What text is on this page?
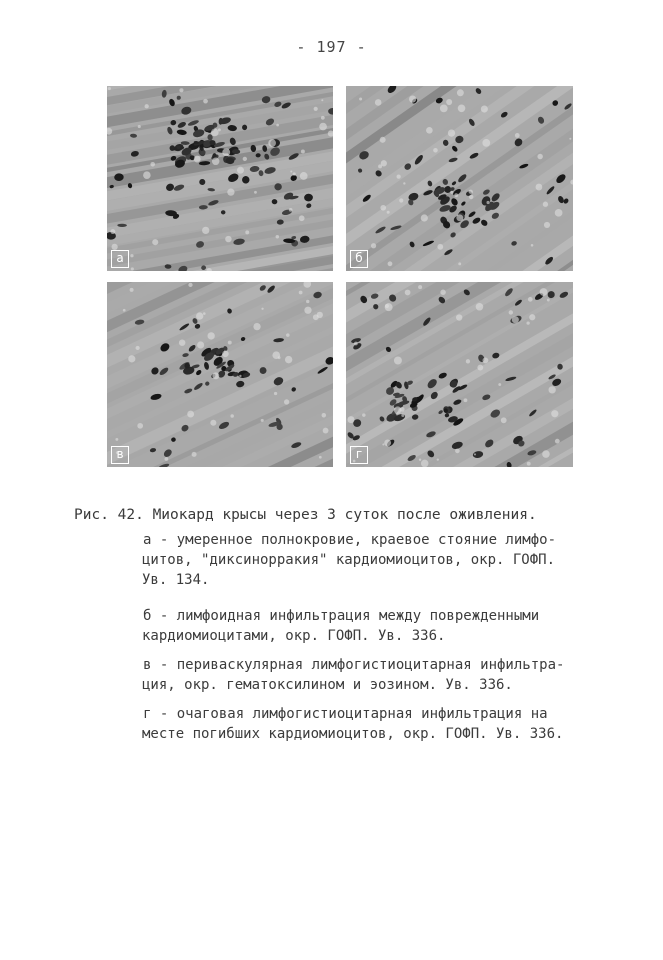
- 197 -
а	б
в	г
Рис. 42. Миокард крысы через 3 суток после оживления.
а - умеренное полнокровие, краевое стояние лимфо-
цитов, "диксинорракия" кардиомиоцитов, окр. ГОФП.
Ув. 134.
б - лимфоидная инфильтрация между поврежденными
кардиомиоцитами, окр. ГОФП. Ув. 336.
в - периваскулярная лимфогистиоцитарная инфильтра-
ция, окр. гематоксилином и эозином. Ув. 336.
г - очаговая лимфогистиоцитарная инфильтрация на
месте погибших кардиомиоцитов, окр. ГОФП. Ув. 336.
